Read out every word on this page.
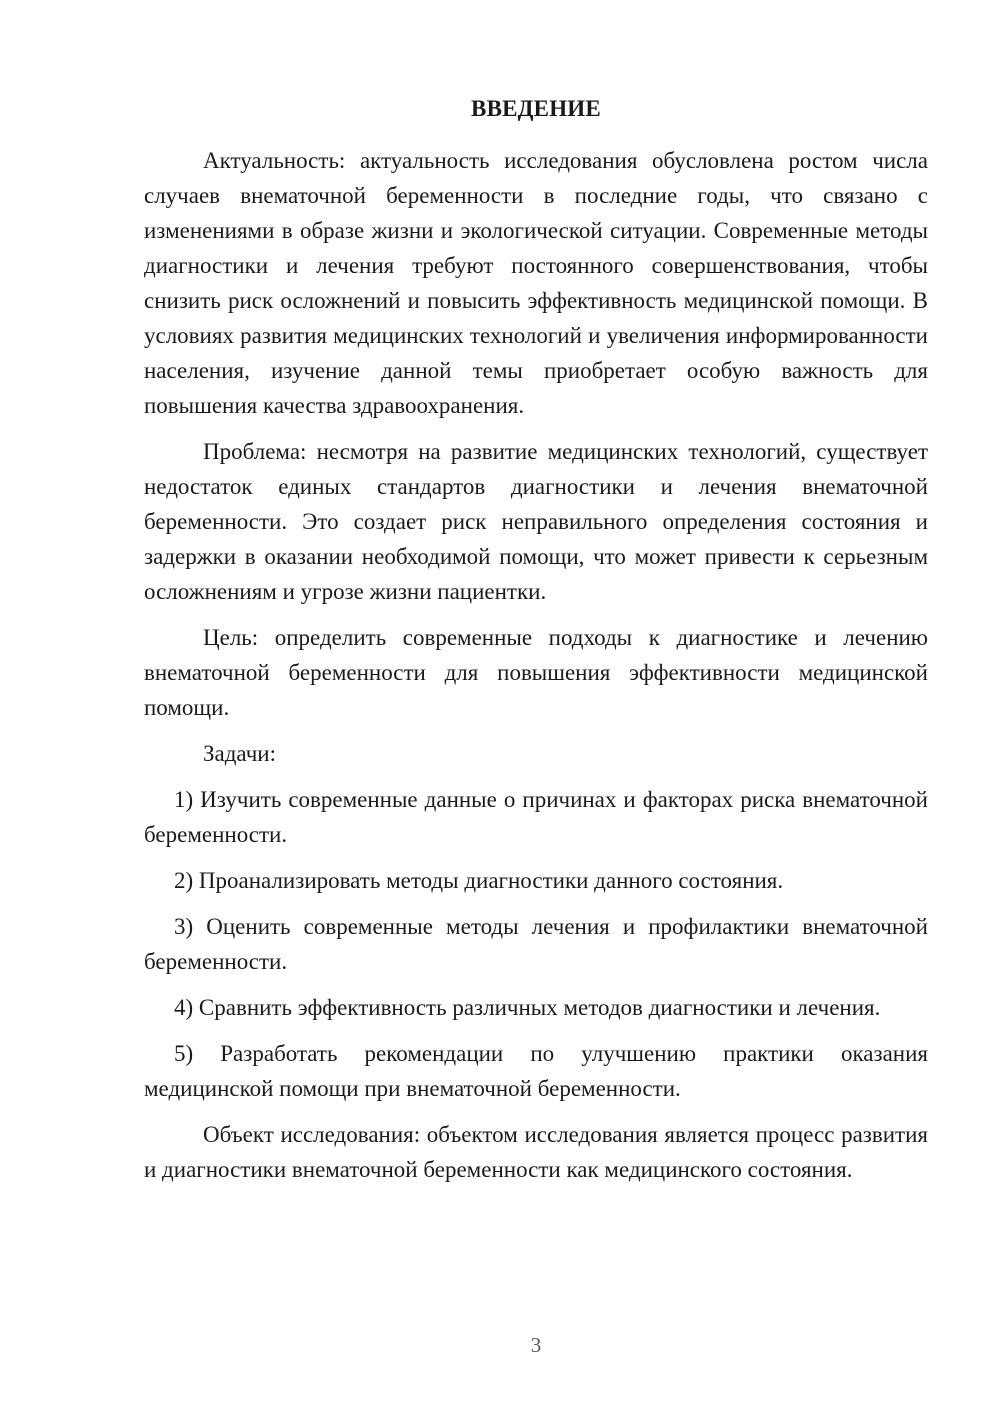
ВВЕДЕНИЕ

Актуальность: актуальность исследования обусловлена ростом числа случаев внематочной беременности в последние годы, что связано с изменениями в образе жизни и экологической ситуации. Современные методы диагностики и лечения требуют постоянного совершенствования, чтобы снизить риск осложнений и повысить эффективность медицинской помощи. В условиях развития медицинских технологий и увеличения информированности населения, изучение данной темы приобретает особую важность для повышения качества здравоохранения.

Проблема: несмотря на развитие медицинских технологий, существует недостаток единых стандартов диагностики и лечения внематочной беременности. Это создает риск неправильного определения состояния и задержки в оказании необходимой помощи, что может привести к серьезным осложнениям и угрозе жизни пациентки.

Цель: определить современные подходы к диагностике и лечению внематочной беременности для повышения эффективности медицинской помощи.

Задачи:

1) Изучить современные данные о причинах и факторах риска внематочной беременности.

2) Проанализировать методы диагностики данного состояния.

3) Оценить современные методы лечения и профилактики внематочной беременности.

4) Сравнить эффективность различных методов диагностики и лечения.

5) Разработать рекомендации по улучшению практики оказания медицинской помощи при внематочной беременности.

Объект исследования: объектом исследования является процесс развития и диагностики внематочной беременности как медицинского состояния.

3
